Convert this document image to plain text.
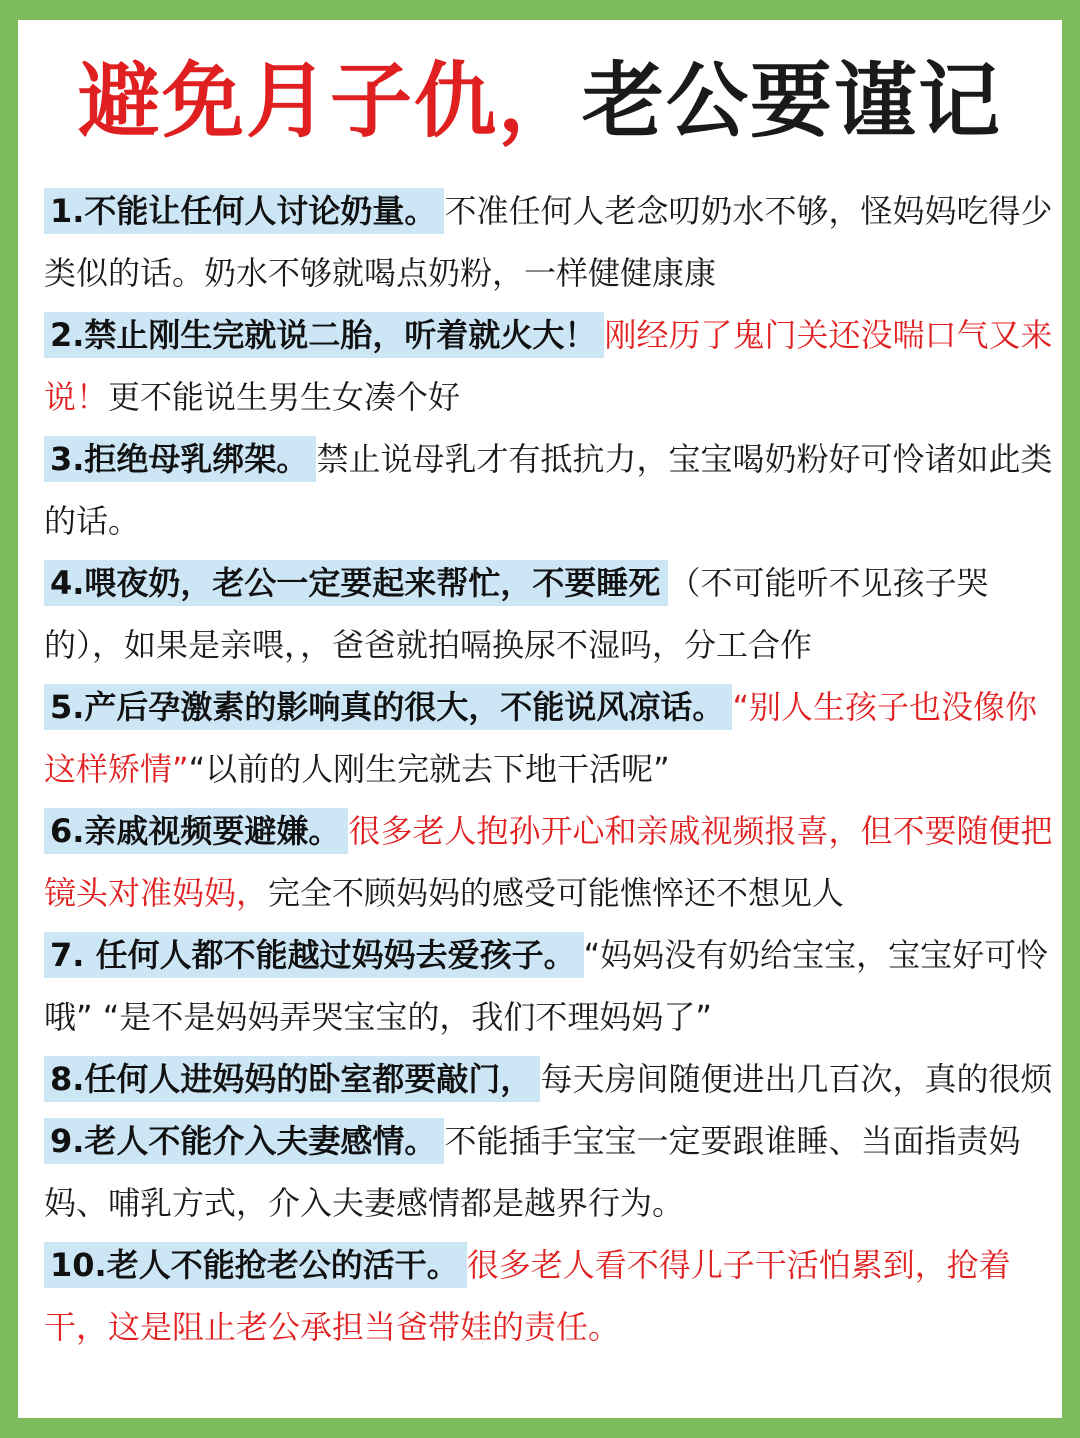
避免月子仇，老公要谨记

1.不能让任何人讨论奶量。 不准任何人老念叨奶水不够，怪妈妈吃得少类似的话。奶水不够就喝点奶粉，一样健健康康

2.禁止刚生完就说二胎，听着就火大！ 刚经历了鬼门关还没喘口气又来说！更不能说生男生女凑个好

3.拒绝母乳绑架。 禁止说母乳才有抵抗力，宝宝喝奶粉好可怜诸如此类的话。

4.喂夜奶，老公一定要起来帮忙，不要睡死 （不可能听不见孩子哭的），如果是亲喂，，爸爸就拍嗝换尿不湿吗，分工合作

5.产后孕激素的影响真的很大，不能说风凉话。 “别人生孩子也没像你这样矫情”“以前的人刚生完就去下地干活呢”

6.亲戚视频要避嫌。 很多老人抱孙开心和亲戚视频报喜，但不要随便把镜头对准妈妈，完全不顾妈妈的感受可能憔悴还不想见人

7. 任何人都不能越过妈妈去爱孩子。 “妈妈没有奶给宝宝，宝宝好可怜哦” “是不是妈妈弄哭宝宝的，我们不理妈妈了”

8.任何人进妈妈的卧室都要敲门， 每天房间随便进出几百次，真的很烦

9.老人不能介入夫妻感情。 不能插手宝宝一定要跟谁睡、当面指责妈妈、哺乳方式，介入夫妻感情都是越界行为。

10.老人不能抢老公的活干。 很多老人看不得儿子干活怕累到，抢着干，这是阻止老公承担当爸带娃的责任。
